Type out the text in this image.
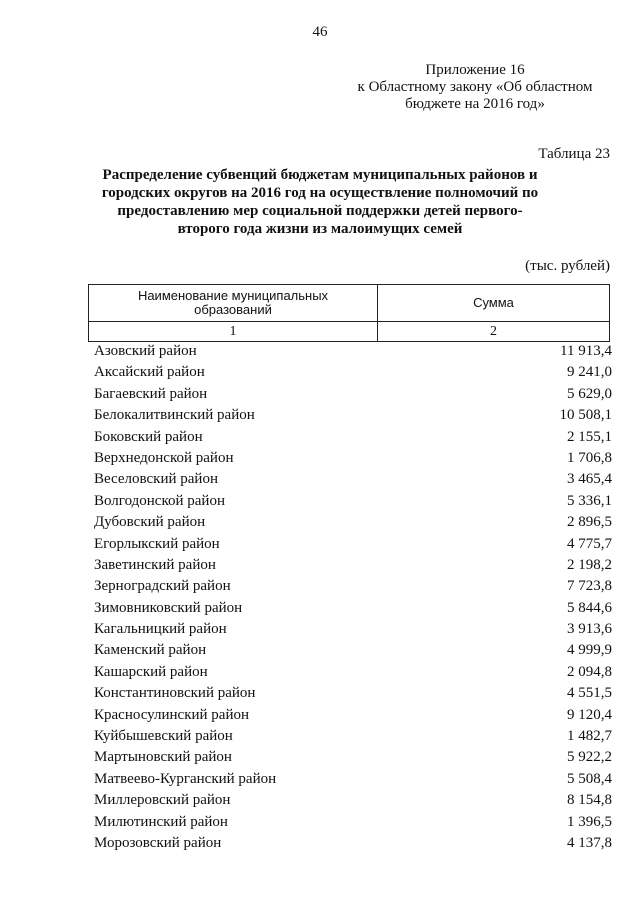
46
Приложение 16
к Областному закону «Об областном
бюджете на 2016 год»
Таблица 23
Распределение субвенций бюджетам муниципальных районов и городских округов на 2016 год на осуществление полномочий по предоставлению мер социальной поддержки детей первого-второго года жизни из малоимущих семей
(тыс. рублей)
Наименование муниципальных образований	Сумма
1	2
Азовский район	11 913,4
Аксайский район	9 241,0
Багаевский район	5 629,0
Белокалитвинский район	10 508,1
Боковский район	2 155,1
Верхнедонской район	1 706,8
Веселовский район	3 465,4
Волгодонской район	5 336,1
Дубовский район	2 896,5
Егорлыкский район	4 775,7
Заветинский район	2 198,2
Зерноградский район	7 723,8
Зимовниковский район	5 844,6
Кагальницкий район	3 913,6
Каменский район	4 999,9
Кашарский район	2 094,8
Константиновский район	4 551,5
Красносулинский район	9 120,4
Куйбышевский район	1 482,7
Мартыновский район	5 922,2
Матвеево-Курганский район	5 508,4
Миллеровский район	8 154,8
Милютинский район	1 396,5
Морозовский район	4 137,8
